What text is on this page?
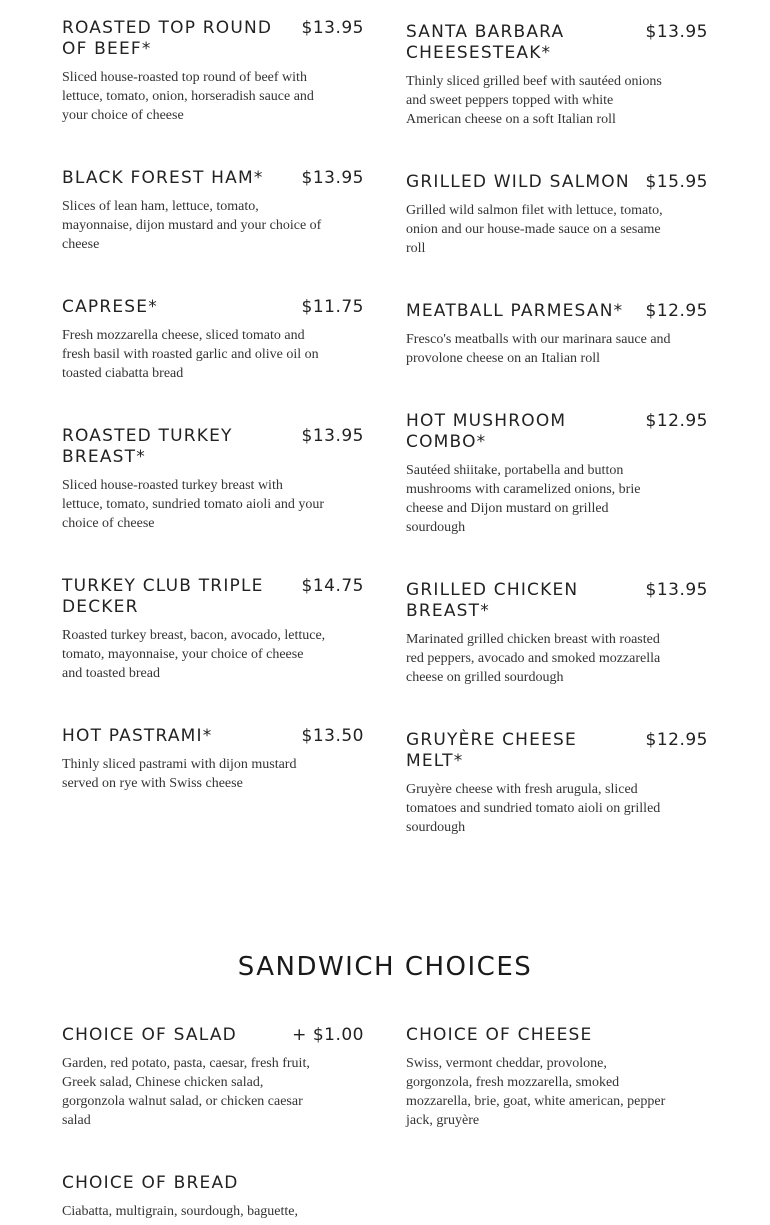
ROASTED TOP ROUND OF BEEF*
$13.95
Sliced house-roasted top round of beef with lettuce, tomato, onion, horseradish sauce and your choice of cheese
BLACK FOREST HAM* $13.95
Slices of lean ham, lettuce, tomato, mayonnaise, dijon mustard and your choice of cheese
CAPRESE*	$11.75
Fresh mozzarella cheese, sliced tomato and fresh basil with roasted garlic and olive oil on toasted ciabatta bread
ROASTED TURKEY BREAST*
$13.95
Sliced house-roasted turkey breast with lettuce, tomato, sundried tomato aioli and your choice of cheese
TURKEY CLUB TRIPLE DECKER
$14.75
Roasted turkey breast, bacon, avocado, lettuce, tomato, mayonnaise, your choice of cheese and toasted bread
HOT PASTRAMI*	$13.50
Thinly sliced pastrami with dijon mustard served on rye with Swiss cheese
CHOICE OF SALAD	+ $1.00
Garden, red potato, pasta, caesar, fresh fruit, Greek salad, Chinese chicken salad, gorgonzola walnut salad, or chicken caesar salad
CHOICE OF BREAD
Ciabatta, multigrain, sourdough, baguette,
SANTA BARBARA CHEESESTEAK*
$13.95
Thinly sliced grilled beef with sautéed onions and sweet peppers topped with white American cheese on a soft Italian roll
GRILLED WILD SALMON $15.95
Grilled wild salmon filet with lettuce, tomato, onion and our house-made sauce on a sesame roll
MEATBALL PARMESAN* $12.95
Fresco's meatballs with our marinara sauce and provolone cheese on an Italian roll
HOT MUSHROOM COMBO*
$12.95
Sautéed shiitake, portabella and button mushrooms with caramelized onions, brie cheese and Dijon mustard on grilled sourdough
GRILLED CHICKEN BREAST*
$13.95
Marinated grilled chicken breast with roasted red peppers, avocado and smoked mozzarella cheese on grilled sourdough
GRUYÈRE CHEESE MELT*
$12.95
Gruyère cheese with fresh arugula, sliced tomatoes and sundried tomato aioli on grilled sourdough
CHOICE OF CHEESE
Swiss, vermont cheddar, provolone, gorgonzola, fresh mozzarella, smoked mozzarella, brie, goat, white american, pepper jack, gruyère
SANDWICH CHOICES
